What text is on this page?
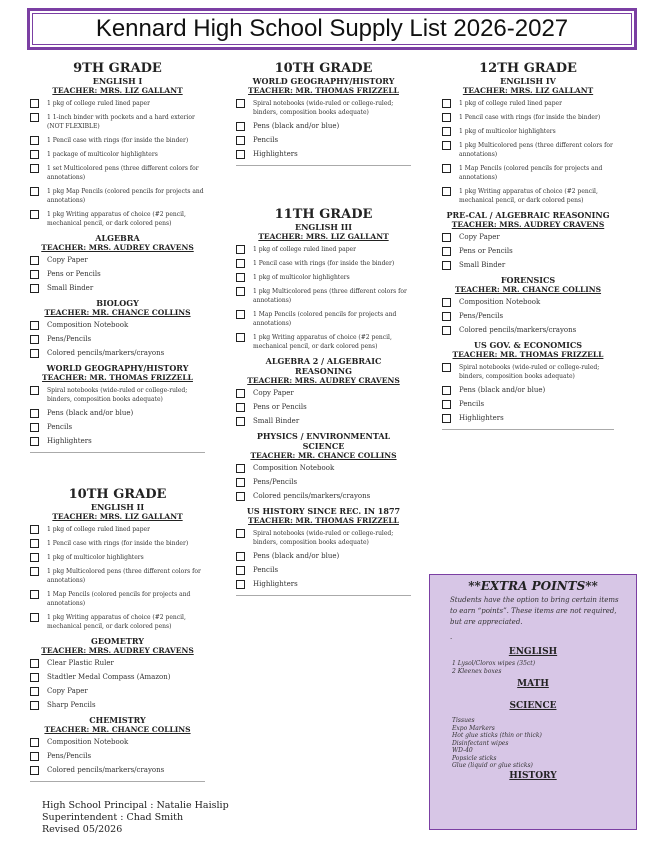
Kennard High School Supply List 2026-2027
9TH GRADE
ENGLISH I
TEACHER: MRS. LIZ GALLANT
1 pkg of college ruled lined paper
1 1-inch binder with pockets and a hard exterior (NOT FLEXIBLE)
1 Pencil case with rings (for inside the binder)
1 package of multicolor highlighters
1 set Multicolored pens (three different colors for annotations)
1 pkg Map Pencils (colored pencils for projects and annotations)
1 pkg Writing apparatus of choice (#2 pencil, mechanical pencil, or dark colored pens)
ALGEBRA
TEACHER: MRS. AUDREY CRAVENS
Copy Paper
Pens or Pencils
Small Binder
BIOLOGY
TEACHER: MR. CHANCE COLLINS
Composition Notebook
Pens/Pencils
Colored pencils/markers/crayons
WORLD GEOGRAPHY/HISTORY
TEACHER: MR. THOMAS FRIZZELL
Spiral notebooks (wide-ruled or college-ruled; binders, composition books adequate)
Pens (black and/or blue)
Pencils
Highlighters
10TH GRADE
ENGLISH II
TEACHER: MRS. LIZ GALLANT
1 pkg of college ruled lined paper
1 Pencil case with rings (for inside the binder)
1 pkg of multicolor highlighters
1 pkg Multicolored pens (three different colors for annotations)
1 Map Pencils (colored pencils for projects and annotations)
1 pkg Writing apparatus of choice (#2 pencil, mechanical pencil, or dark colored pens)
GEOMETRY
TEACHER: MRS. AUDREY CRAVENS
Clear Plastic Ruler
Stadtler Medal Compass (Amazon)
Copy Paper
Sharp Pencils
CHEMISTRY
TEACHER: MR. CHANCE COLLINS
Composition Notebook
Pens/Pencils
Colored pencils/markers/crayons
10TH GRADE
WORLD GEOGRAPHY/HISTORY
TEACHER: MR. THOMAS FRIZZELL
Spiral notebooks (wide-ruled or college-ruled; binders, composition books adequate)
Pens (black and/or blue)
Pencils
Highlighters
11TH GRADE
ENGLISH III
TEACHER: MRS. LIZ GALLANT
1 pkg of college ruled lined paper
1 Pencil case with rings (for inside the binder)
1 pkg of multicolor highlighters
1 pkg Multicolored pens (three different colors for annotations)
1 Map Pencils (colored pencils for projects and annotations)
1 pkg Writing apparatus of choice (#2 pencil, mechanical pencil, or dark colored pens)
ALGEBRA 2 / ALGEBRAIC REASONING
TEACHER: MRS. AUDREY CRAVENS
Copy Paper
Pens or Pencils
Small Binder
PHYSICS / ENVIRONMENTAL SCIENCE
TEACHER: MR. CHANCE COLLINS
Composition Notebook
Pens/Pencils
Colored pencils/markers/crayons
US HISTORY SINCE REC. IN 1877
TEACHER: MR. THOMAS FRIZZELL
Spiral notebooks (wide-ruled or college-ruled; binders, composition books adequate)
Pens (black and/or blue)
Pencils
Highlighters
12TH GRADE
ENGLISH IV
TEACHER: MRS. LIZ GALLANT
1 pkg of college ruled lined paper
1 Pencil case with rings (for inside the binder)
1 pkg of multicolor highlighters
1 pkg Multicolored pens (three different colors for annotations)
1 Map Pencils (colored pencils for projects and annotations)
1 pkg Writing apparatus of choice (#2 pencil, mechanical pencil, or dark colored pens)
PRE-CAL / ALGEBRAIC REASONING
TEACHER: MRS. AUDREY CRAVENS
Copy Paper
Pens or Pencils
Small Binder
FORENSICS
TEACHER: MR. CHANCE COLLINS
Composition Notebook
Pens/Pencils
Colored pencils/markers/crayons
US GOV. & ECONOMICS
TEACHER: MR. THOMAS FRIZZELL
Spiral notebooks (wide-ruled or college-ruled; binders, composition books adequate)
Pens (black and/or blue)
Pencils
Highlighters
**EXTRA POINTS**
Students have the option to bring certain items to earn “points”. These items are not required, but are appreciated.
.
ENGLISH
1 Lysol/Clorox wipes (35ct)
2 Kleenex boxes
MATH
SCIENCE
Tissues
Expo Markers
Hot glue sticks (thin or thick)
Disinfectant wipes
WD-40
Popsicle sticks
Glue (liquid or glue sticks)
HISTORY
High School Principal : Natalie Haislip
Superintendent : Chad Smith
Revised 05/2026
